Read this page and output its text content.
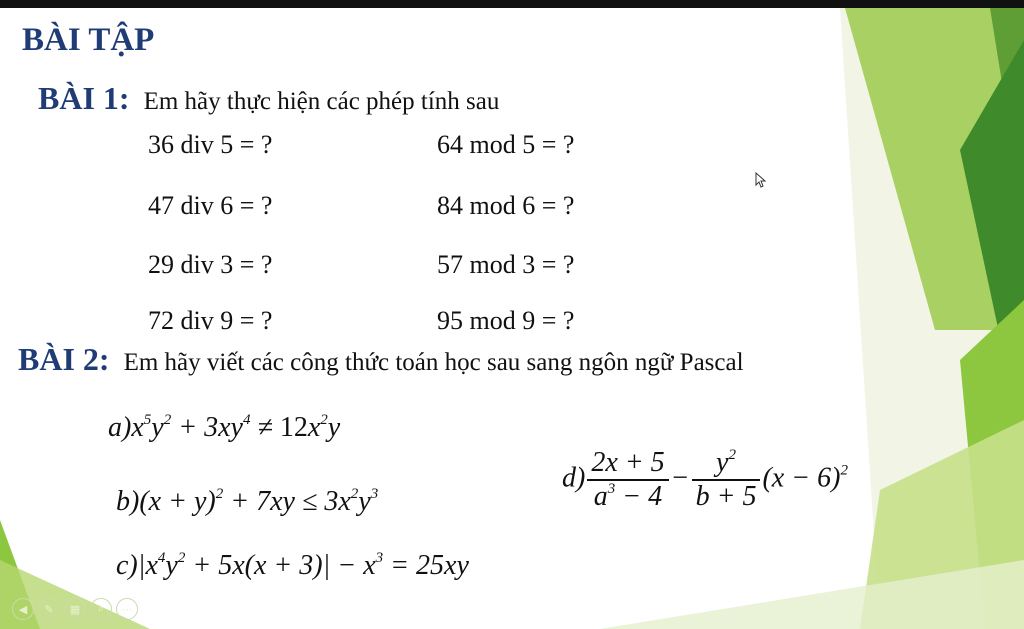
BÀI TẬP
BÀI 1: Em hãy thực hiện các phép tính sau
36 div 5 = ?	64 mod 5 = ?
47 div 6 = ?	84 mod 6 = ?
29 div 3 = ?	57 mod 3 = ?
72 div 9 = ?	95 mod 9 = ?
BÀI 2: Em hãy viết các công thức toán học sau sang ngôn ngữ Pascal
$a)x^5y^2 + 3xy^4 \ne 12x^2y$
$b)(x + y)^2 + 7xy \le 3x^2y^3$
$c)|x^4y^2 + 5x(x + 3)| - x^3 = 25xy$
$d) \frac{2x + 5}{a^3 - 4} - \frac{y^2}{b + 5} (x - 6)^2$
◀	✎	▦	⌕	⋯
